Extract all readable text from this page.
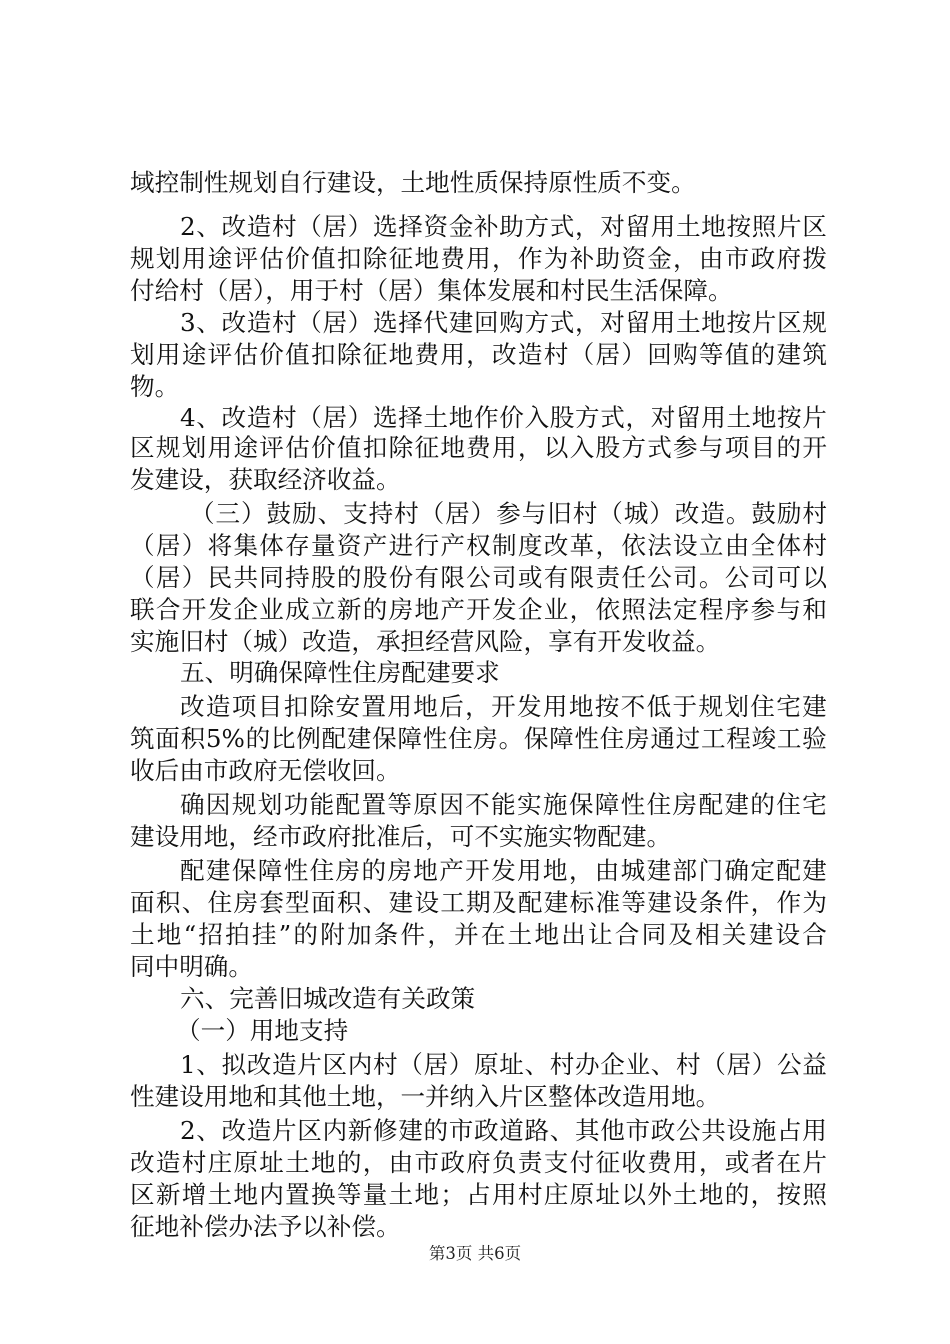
域控制性规划自行建设，土地性质保持原性质不变。
2 、 改 造 村 （ 居 ） 选 择 资 金 补 助 方 式 ， 对 留 用 土 地 按 照 片 区
规 划 用 途 评 估 价 值 扣 除 征 地 费 用 ， 作 为 补 助 资 金 ， 由 市 政 府 拨
付给村（居），用于村（居）集体发展和村民生活保障。
3 、 改 造 村 （ 居 ） 选 择 代 建 回 购 方 式 ， 对 留 用 土 地 按 片 区 规
划 用 途 评 估 价 值 扣 除 征 地 费 用 ， 改 造 村 （ 居 ） 回 购 等 值 的 建 筑
物。
4 、 改 造 村 （ 居 ） 选 择 土 地 作 价 入 股 方 式 ， 对 留 用 土 地 按 片
区 规 划 用 途 评 估 价 值 扣 除 征 地 费 用 ， 以 入 股 方 式 参 与 项 目 的 开
发建设，获取经济收益。
（ 三 ） 鼓 励 、 支 持 村 （ 居 ） 参 与 旧 村 （ 城 ） 改 造 。 鼓 励 村
（ 居 ） 将 集 体 存 量 资 产 进 行 产 权 制 度 改 革 ， 依 法 设 立 由 全 体 村
（ 居 ） 民 共 同 持 股 的 股 份 有 限 公 司 或 有 限 责 任 公 司 。 公 司 可 以
联 合 开 发 企 业 成 立 新 的 房 地 产 开 发 企 业 ， 依 照 法 定 程 序 参 与 和
实施旧村（城）改造，承担经营风险，享有开发收益。
五、明确保障性住房配建要求
改 造 项 目 扣 除 安 置 用 地 后 ， 开 发 用 地 按 不 低 于 规 划 住 宅 建
筑 面 积 5% 的 比 例 配 建 保 障 性 住 房 。 保 障 性 住 房 通 过 工 程 竣 工 验
收后由市政府无偿收回。
确 因 规 划 功 能 配 置 等 原 因 不 能 实 施 保 障 性 住 房 配 建 的 住 宅
建设用地，经市政府批准后，可不实施实物配建。
配 建 保 障 性 住 房 的 房 地 产 开 发 用 地 ， 由 城 建 部 门 确 定 配 建
面 积 、 住 房 套 型 面 积 、 建 设 工 期 及 配 建 标 准 等 建 设 条 件 ， 作 为
土 地 “ 招 拍 挂 ” 的 附 加 条 件 ， 并 在 土 地 出 让 合 同 及 相 关 建 设 合
同中明确。
六、完善旧城改造有关政策
（一）用地支持
1 、 拟 改 造 片 区 内 村 （ 居 ） 原 址 、 村 办 企 业 、 村 （ 居 ） 公 益
性建设用地和其他土地，一并纳入片区整体改造用地。
2 、 改 造 片 区 内 新 修 建 的 市 政 道 路 、 其 他 市 政 公 共 设 施 占 用
改 造 村 庄 原 址 土 地 的 ， 由 市 政 府 负 责 支 付 征 收 费 用 ， 或 者 在 片
区 新 增 土 地 内 置 换 等 量 土 地 ； 占 用 村 庄 原 址 以 外 土 地 的 ， 按 照
征地补偿办法予以补偿。
第3页 共6页
